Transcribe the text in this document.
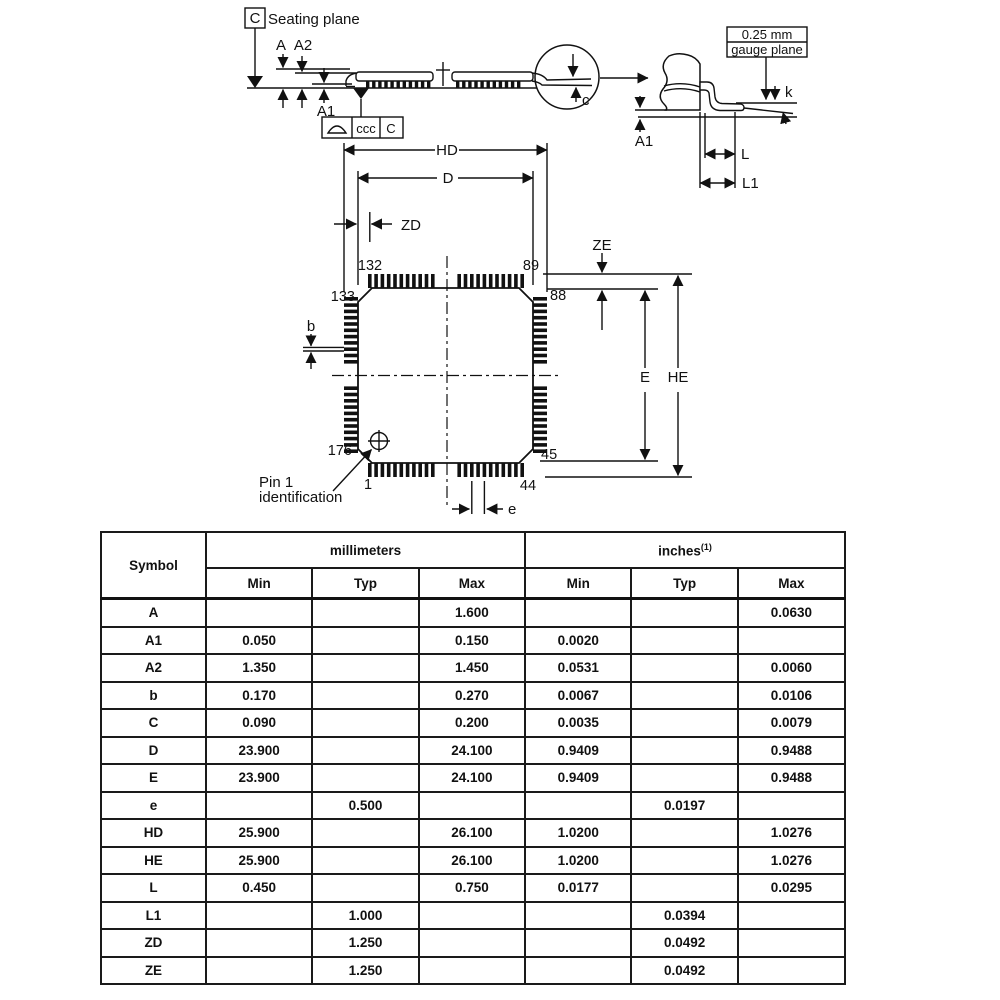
C Seating plane
A A2
A1
ccc C
c
0.25 mm
gauge plane
A1
k
L
L1
HD
D
ZD
ZE
E HE
b
e
Pin 1
identification
132	89
133	88
176	45
1	44
Symbol	millimeters			inches$^{(1)}$
	Min	Typ	Max	Min	Typ	Max
A			1.600			0.0630
A1	0.050		0.150	0.0020		
A2	1.350		1.450	0.0531		0.0060
b	0.170		0.270	0.0067		0.0106
C	0.090		0.200	0.0035		0.0079
D	23.900		24.100	0.9409		0.9488
E	23.900		24.100	0.9409		0.9488
e		0.500			0.0197	
HD	25.900		26.100	1.0200		1.0276
HE	25.900		26.100	1.0200		1.0276
L	0.450		0.750	0.0177		0.0295
L1		1.000			0.0394	
ZD		1.250			0.0492	
ZE		1.250			0.0492	
